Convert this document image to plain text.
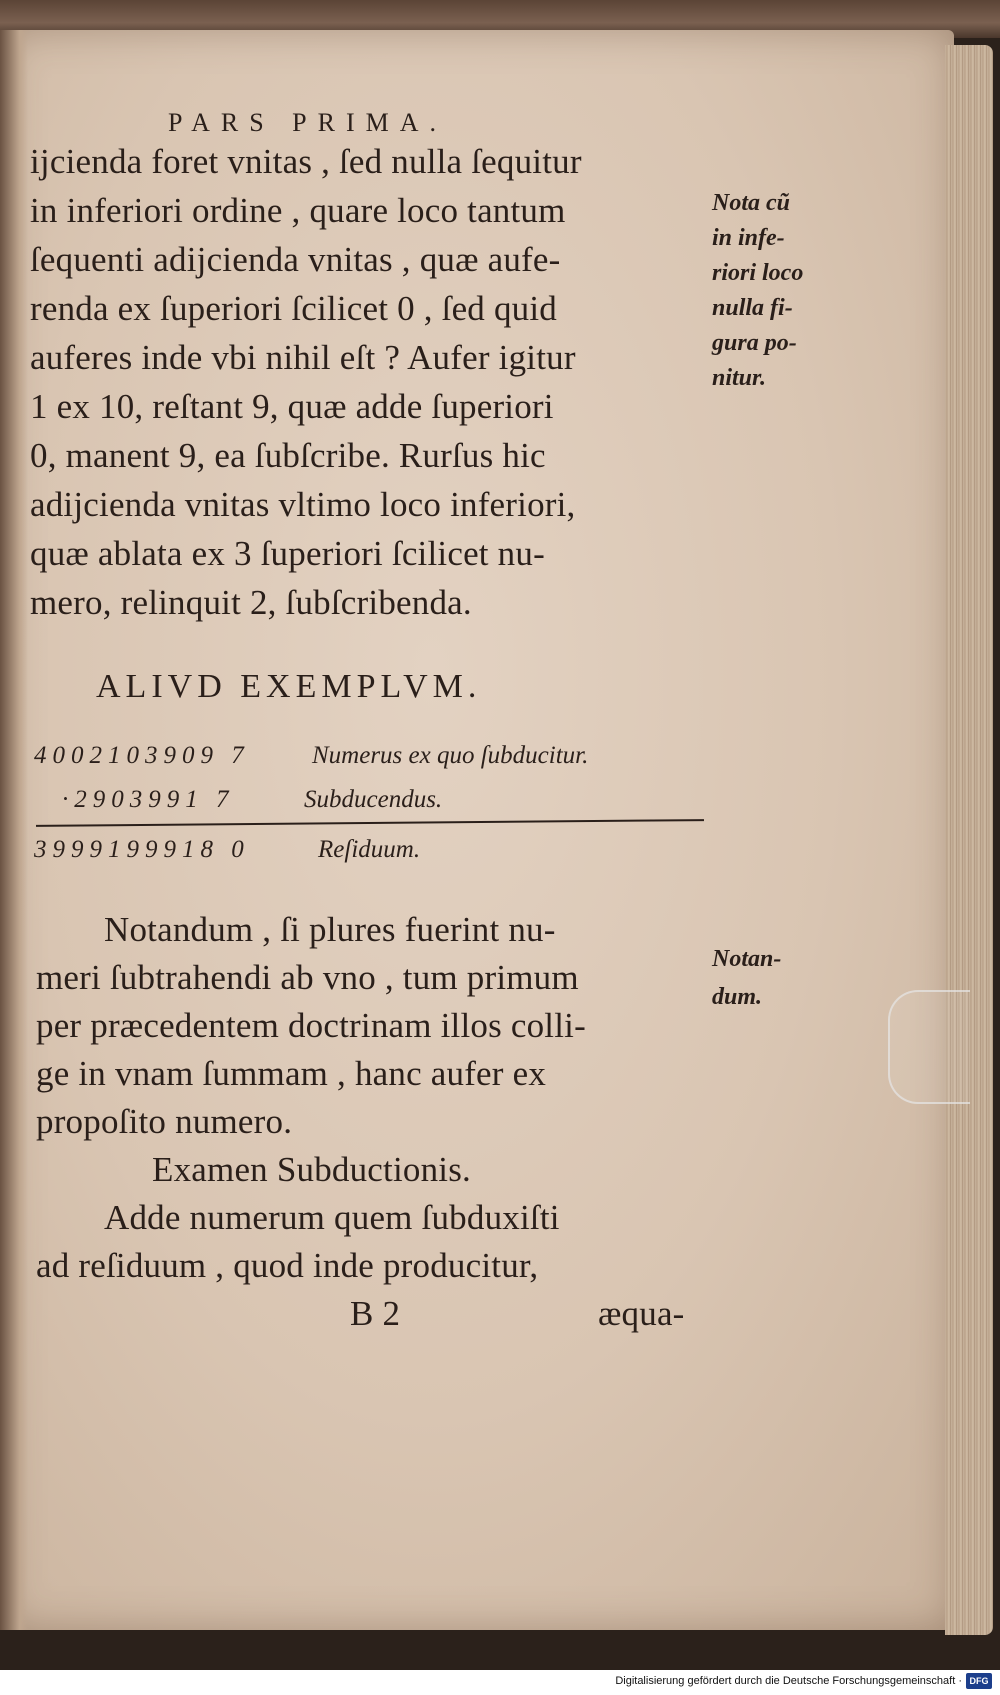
PARS PRIMA.
ijcienda foret vnitas , ſed nulla ſequitur
in inferiori ordine , quare loco tantum
ſequenti adijcienda vnitas , quæ aufe-
renda ex ſuperiori ſcilicet 0 , ſed quid
auferes inde vbi nihil eſt ? Aufer igitur
1 ex 10, reſtant 9, quæ adde ſuperiori
0, manent 9, ea ſubſcribe. Rurſus hic
adijcienda vnitas vltimo loco inferiori,
quæ ablata ex 3 ſuperiori ſcilicet nu-
mero, relinquit 2, ſubſcribenda.
Nota cũ
in infe-
riori loco
nulla fi-
gura po-
nitur.
ALIVD EXEMPLVM.
4002103909 7 Numerus ex quo ſubducitur.
·2903991 7	Subducendus.
3999199918 0	Reſiduum.
Notandum , ſi plures fuerint nu-
meri ſubtrahendi ab vno , tum primum
per præcedentem doctrinam illos colli-
ge in vnam ſummam , hanc aufer ex
propoſito numero.
Notan-
dum.
Examen Subductionis.
Adde numerum quem ſubduxiſti
ad reſiduum , quod inde producitur,
B 2	æqua-
Digitalisierung gefördert durch die Deutsche Forschungsgemeinschaft · DFG
